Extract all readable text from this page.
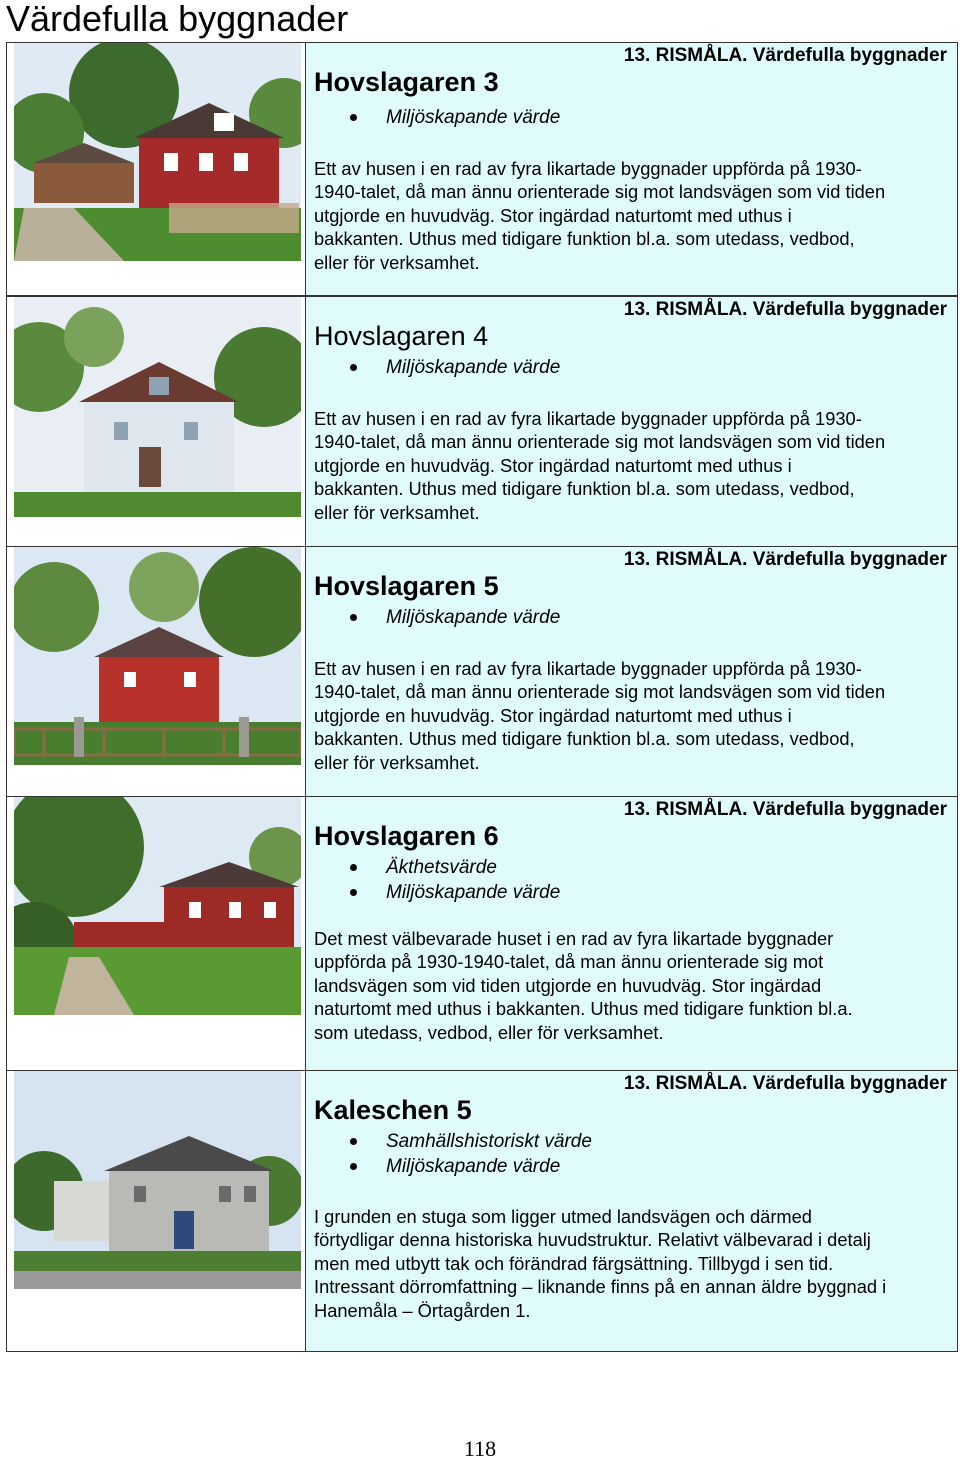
Värdefulla byggnader
13. RISMÅLA. Värdefulla byggnader
Hovslagaren 3
Miljöskapande värde
Ett av husen i en rad av fyra likartade byggnader uppförda på 1930-
1940-talet, då man ännu orienterade sig mot landsvägen som vid tiden
utgjorde en huvudväg. Stor ingärdad naturtomt med uthus i
bakkanten. Uthus med tidigare funktion bl.a. som utedass, vedbod,
eller för verksamhet.
13. RISMÅLA. Värdefulla byggnader
Hovslagaren 4
Miljöskapande värde
Ett av husen i en rad av fyra likartade byggnader uppförda på 1930-
1940-talet, då man ännu orienterade sig mot landsvägen som vid tiden
utgjorde en huvudväg. Stor ingärdad naturtomt med uthus i
bakkanten. Uthus med tidigare funktion bl.a. som utedass, vedbod,
eller för verksamhet.
13. RISMÅLA. Värdefulla byggnader
Hovslagaren 5
Miljöskapande värde
Ett av husen i en rad av fyra likartade byggnader uppförda på 1930-
1940-talet, då man ännu orienterade sig mot landsvägen som vid tiden
utgjorde en huvudväg. Stor ingärdad naturtomt med uthus i
bakkanten. Uthus med tidigare funktion bl.a. som utedass, vedbod,
eller för verksamhet.
13. RISMÅLA. Värdefulla byggnader
Hovslagaren 6
Äkthetsvärde
Miljöskapande värde
Det mest välbevarade huset i en rad av fyra likartade byggnader
uppförda på 1930-1940-talet, då man ännu orienterade sig mot
landsvägen som vid tiden utgjorde en huvudväg. Stor ingärdad
naturtomt med uthus i bakkanten. Uthus med tidigare funktion bl.a.
som utedass, vedbod, eller för verksamhet.
13. RISMÅLA. Värdefulla byggnader
Kaleschen 5
Samhällshistoriskt värde
Miljöskapande värde
I grunden en stuga som ligger utmed landsvägen och därmed
förtydligar denna historiska huvudstruktur. Relativt välbevarad i detalj
men med utbytt tak och förändrad färgsättning. Tillbygd i sen tid.
Intressant dörromfattning – liknande finns på en annan äldre byggnad i
Hanemåla – Örtagården 1.
118
